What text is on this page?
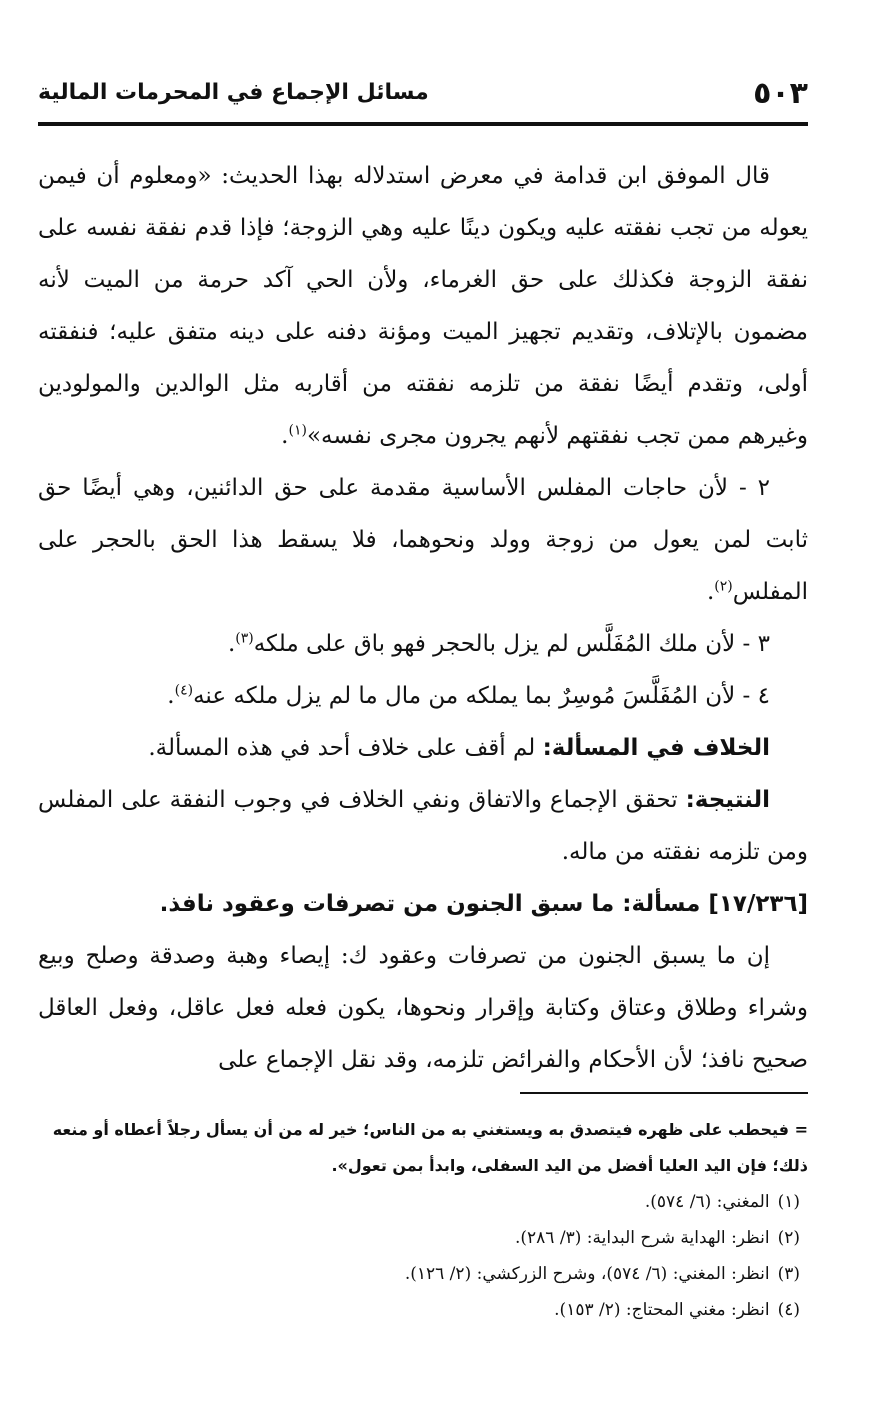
٥٠٣
مسائل الإجماع في المحرمات المالية

قال الموفق ابن قدامة في معرض استدلاله بهذا الحديث: «ومعلوم أن فيمن يعوله من تجب نفقته عليه ويكون دينًا عليه وهي الزوجة؛ فإذا قدم نفقة نفسه على نفقة الزوجة فكذلك على حق الغرماء، ولأن الحي آكد حرمة من الميت لأنه مضمون بالإتلاف، وتقديم تجهيز الميت ومؤنة دفنه على دينه متفق عليه؛ فنفقته أولى، وتقدم أيضًا نفقة من تلزمه نفقته من أقاربه مثل الوالدين والمولودين وغيرهم ممن تجب نفقتهم لأنهم يجرون مجرى نفسه»$^{(١)}$.

٢ - لأن حاجات المفلس الأساسية مقدمة على حق الدائنين، وهي أيضًا حق ثابت لمن يعول من زوجة وولد ونحوهما، فلا يسقط هذا الحق بالحجر على المفلس$^{(٢)}$.

٣ - لأن ملك المُفَلَّس لم يزل بالحجر فهو باق على ملكه$^{(٣)}$.

٤ - لأن المُفَلَّسَ مُوسِرٌ بما يملكه من مال ما لم يزل ملكه عنه$^{(٤)}$.

الخلاف في المسألة: لم أقف على خلاف أحد في هذه المسألة.

النتيجة: تحقق الإجماع والاتفاق ونفي الخلاف في وجوب النفقة على المفلس ومن تلزمه نفقته من ماله.

[١٧/٢٣٦] مسألة: ما سبق الجنون من تصرفات وعقود نافذ.

إن ما يسبق الجنون من تصرفات وعقود ك: إيصاء وهبة وصدقة وصلح وبيع وشراء وطلاق وعتاق وكتابة وإقرار ونحوها، يكون فعله فعل عاقل، وفعل العاقل صحيح نافذ؛ لأن الأحكام والفرائض تلزمه، وقد نقل الإجماع على

= فيحطب على ظهره فيتصدق به ويستغني به من الناس؛ خير له من أن يسأل رجلاً أعطاه أو منعه ذلك؛ فإن اليد العليا أفضل من اليد السفلى، وابدأ بمن تعول».

(١)المغني: (٦/ ٥٧٤).

(٢)انظر: الهداية شرح البداية: (٣/ ٢٨٦).

(٣)انظر: المغني: (٦/ ٥٧٤)، وشرح الزركشي: (٢/ ١٢٦).

(٤)انظر: مغني المحتاج: (٢/ ١٥٣).
